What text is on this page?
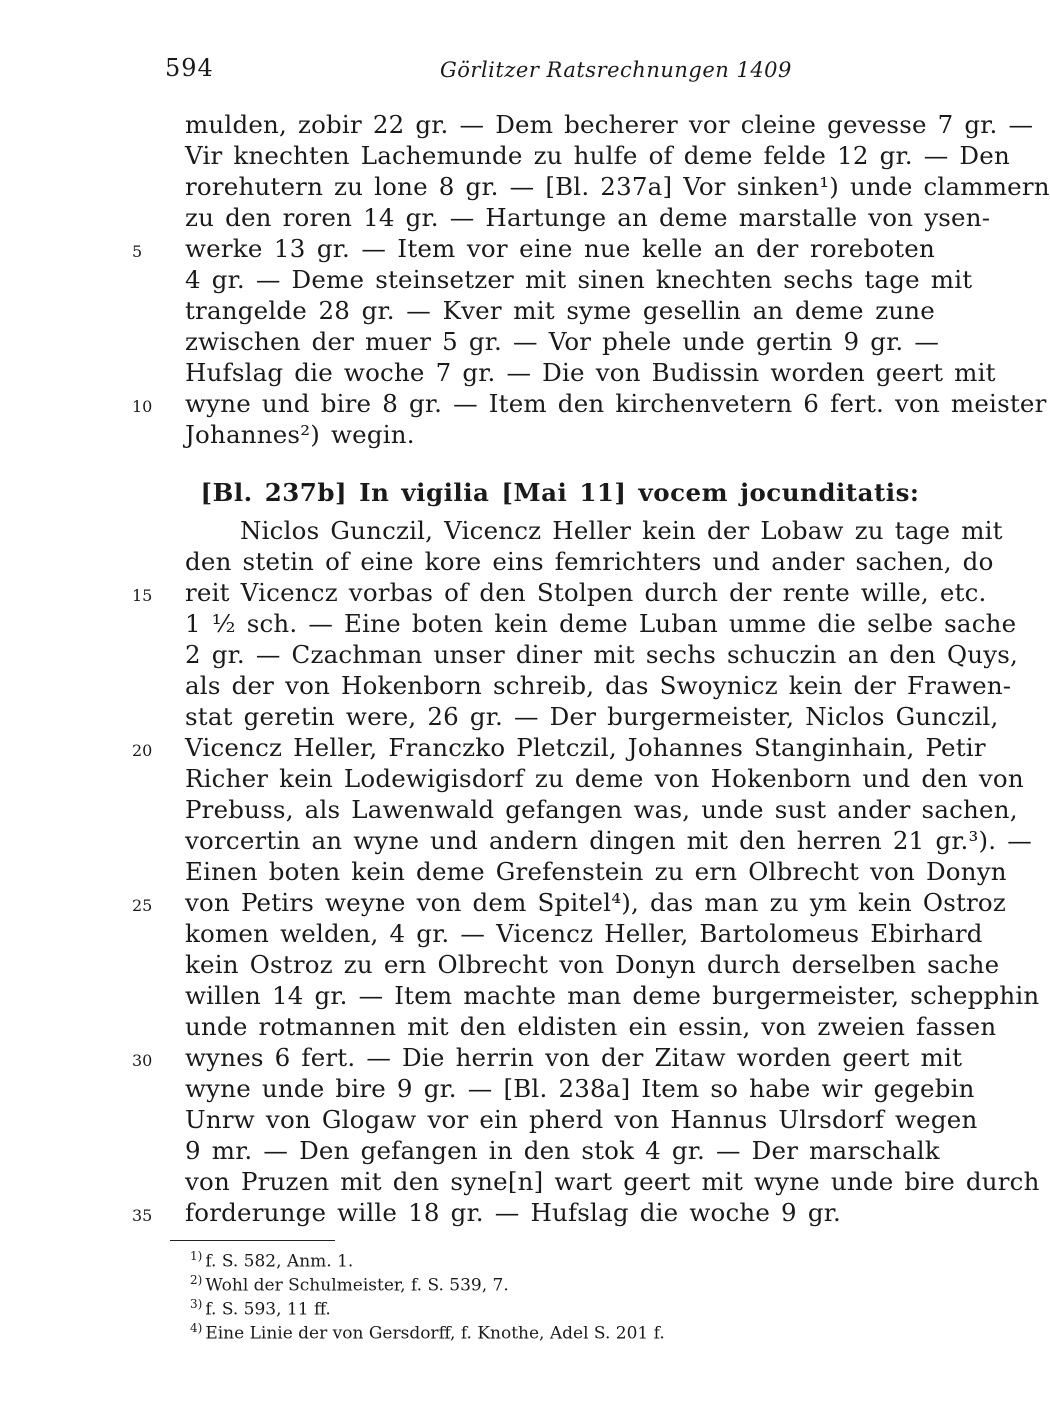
594	Görlitzer Ratsrechnungen 1409
mulden, zobir 22 gr. — Dem becherer vor cleine gevesse 7 gr. —
Vir knechten Lachemunde zu hulfe of deme felde 12 gr. — Den
rorehutern zu lone 8 gr. — [Bl. 237a] Vor sinken¹) unde clammern
zu den roren 14 gr. — Hartunge an deme marstalle von ysen-
werke 13 gr. — Item vor eine nue kelle an der roreboten
4 gr. — Deme steinsetzer mit sinen knechten sechs tage mit
trangelde 28 gr. — Kver mit syme gesellin an deme zune
zwischen der muer 5 gr. — Vor phele unde gertin 9 gr. —
Hufslag die woche 7 gr. — Die von Budissin worden geert mit
wyne und bire 8 gr. — Item den kirchenvetern 6 fert. von meister
Johannes²) wegin.
[Bl. 237b] In vigilia [Mai 11] vocem jocunditatis:
Niclos Gunczil, Vicencz Heller kein der Lobaw zu tage mit
den stetin of eine kore eins femrichters und ander sachen, do
reit Vicencz vorbas of den Stolpen durch der rente wille, etc.
1 ½ sch. — Eine boten kein deme Luban umme die selbe sache
2 gr. — Czachman unser diner mit sechs schuczin an den Quys,
als der von Hokenborn schreib, das Swoynicz kein der Frawen-
stat geretin were, 26 gr. — Der burgermeister, Niclos Gunczil,
Vicencz Heller, Franczko Pletczil, Johannes Stanginhain, Petir
Richer kein Lodewigisdorf zu deme von Hokenborn und den von
Prebuss, als Lawenwald gefangen was, unde sust ander sachen,
vorcertin an wyne und andern dingen mit den herren 21 gr.³). —
Einen boten kein deme Grefenstein zu ern Olbrecht von Donyn
von Petirs weyne von dem Spitel⁴), das man zu ym kein Ostroz
komen welden, 4 gr. — Vicencz Heller, Bartolomeus Ebirhard
kein Ostroz zu ern Olbrecht von Donyn durch derselben sache
willen 14 gr. — Item machte man deme burgermeister, schepphin
unde rotmannen mit den eldisten ein essin, von zweien fassen
wynes 6 fert. — Die herrin von der Zitaw worden geert mit
wyne unde bire 9 gr. — [Bl. 238a] Item so habe wir gegebin
Unrw von Glogaw vor ein pherd von Hannus Ulrsdorf wegen
9 mr. — Den gefangen in den stok 4 gr. — Der marschalk
von Pruzen mit den syne[n] wart geert mit wyne unde bire durch
forderunge wille 18 gr. — Hufslag die woche 9 gr.
5
10
15
20
25
30
35
$^{1)}$ f. S. 582, Anm. 1.
$^{2)}$ Wohl der Schulmeister, f. S. 539, 7.
$^{3)}$ f. S. 593, 11 ff.
$^{4)}$ Eine Linie der von Gersdorff, f. Knothe, Adel S. 201 f.
